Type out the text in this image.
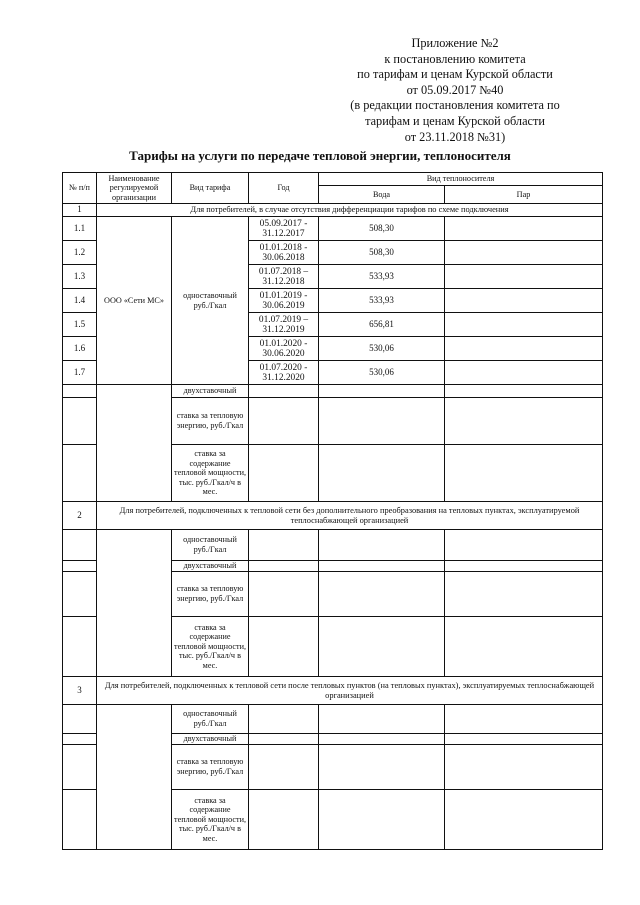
Приложение №2
к постановлению комитета
по тарифам и ценам Курской области
от 05.09.2017 №40
(в редакции постановления комитета по
тарифам и ценам Курской области
от 23.11.2018 №31)
Тарифы на услуги по передаче тепловой энергии, теплоносителя
№ п/п	Наименование регулируемой организации	Вид тарифа	Год	Вид теплоносителя	
				Вода	Пар
1	Для потребителей, в случае отсутствия дифференциации тарифов по схеме подключения				
1.1	ООО «Сети МС»	одноставочный руб./Гкал	05.09.2017 - 31.12.2017	508,30	
1.2			01.01.2018 - 30.06.2018	508,30	
1.3			01.07.2018 – 31.12.2018	533,93	
1.4			01.01.2019 - 30.06.2019	533,93	
1.5			01.07.2019 – 31.12.2019	656,81	
1.6			01.01.2020 - 30.06.2020	530,06	
1.7			01.07.2020 - 31.12.2020	530,06	
		двухставочный			
		ставка за тепловую энергию, руб./Гкал			
		ставка за содержание тепловой мощности, тыс. руб./Гкал/ч в мес.			
2	Для потребителей, подключенных к тепловой сети без дополнительного преобразования на тепловых пунктах, эксплуатируемой теплоснабжающей организацией				
		одноставочный руб./Гкал			
		двухставочный			
		ставка за тепловую энергию, руб./Гкал			
		ставка за содержание тепловой мощности, тыс. руб./Гкал/ч в мес.			
3	Для потребителей, подключенных к тепловой сети после тепловых пунктов (на тепловых пунктах), эксплуатируемых теплоснабжающей организацией				
		одноставочный руб./Гкал			
		двухставочный			
		ставка за тепловую энергию, руб./Гкал			
		ставка за содержание тепловой мощности, тыс. руб./Гкал/ч в мес.			
